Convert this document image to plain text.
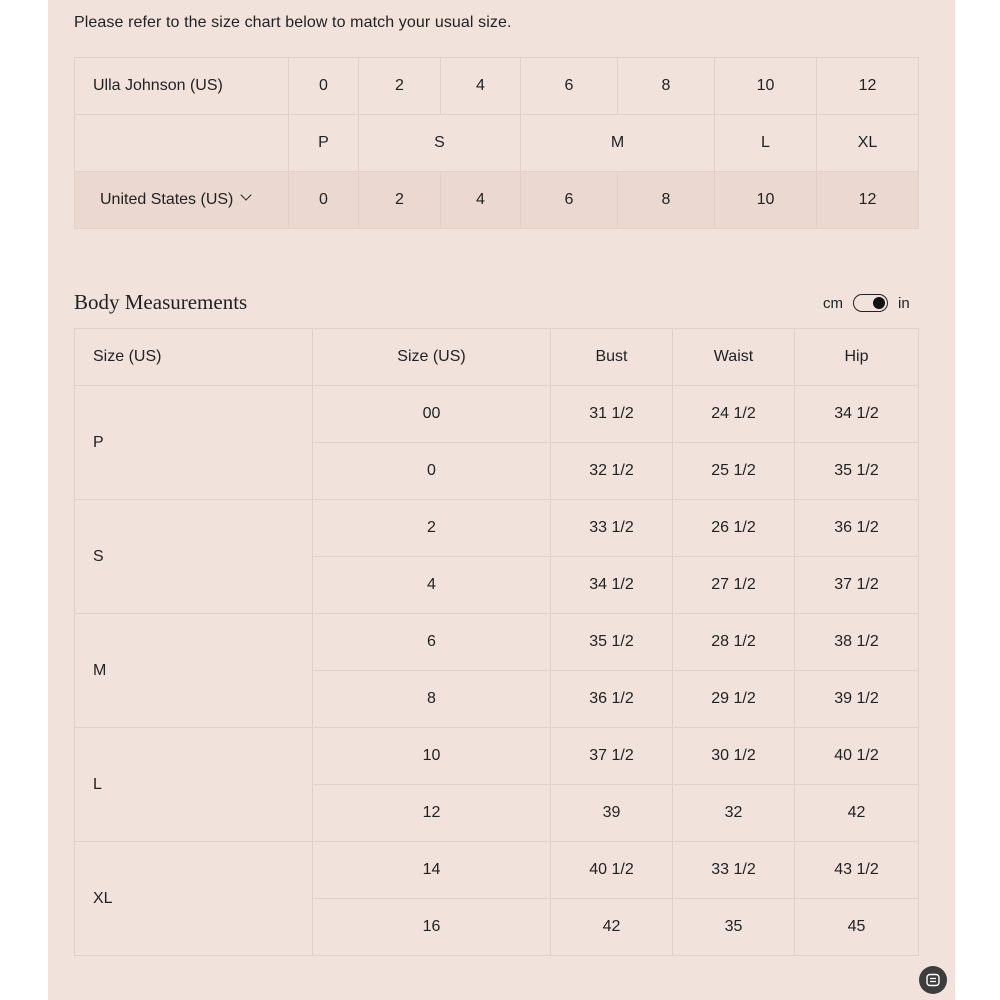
Please refer to the size chart below to match your usual size.
Ulla Johnson (US)	0	2	4	6	8	10	12
	P	S		M		L	XL
United States (US)	0	2	4	6	8	10	12
Body Measurements	cm	in
Size (US)	Size (US)	Bust	Waist	Hip
P	00	31 1/2	24 1/2	34 1/2
	0	32 1/2	25 1/2	35 1/2
S	2	33 1/2	26 1/2	36 1/2
	4	34 1/2	27 1/2	37 1/2
M	6	35 1/2	28 1/2	38 1/2
	8	36 1/2	29 1/2	39 1/2
L	10	37 1/2	30 1/2	40 1/2
	12	39	32	42
XL	14	40 1/2	33 1/2	43 1/2
	16	42	35	45
